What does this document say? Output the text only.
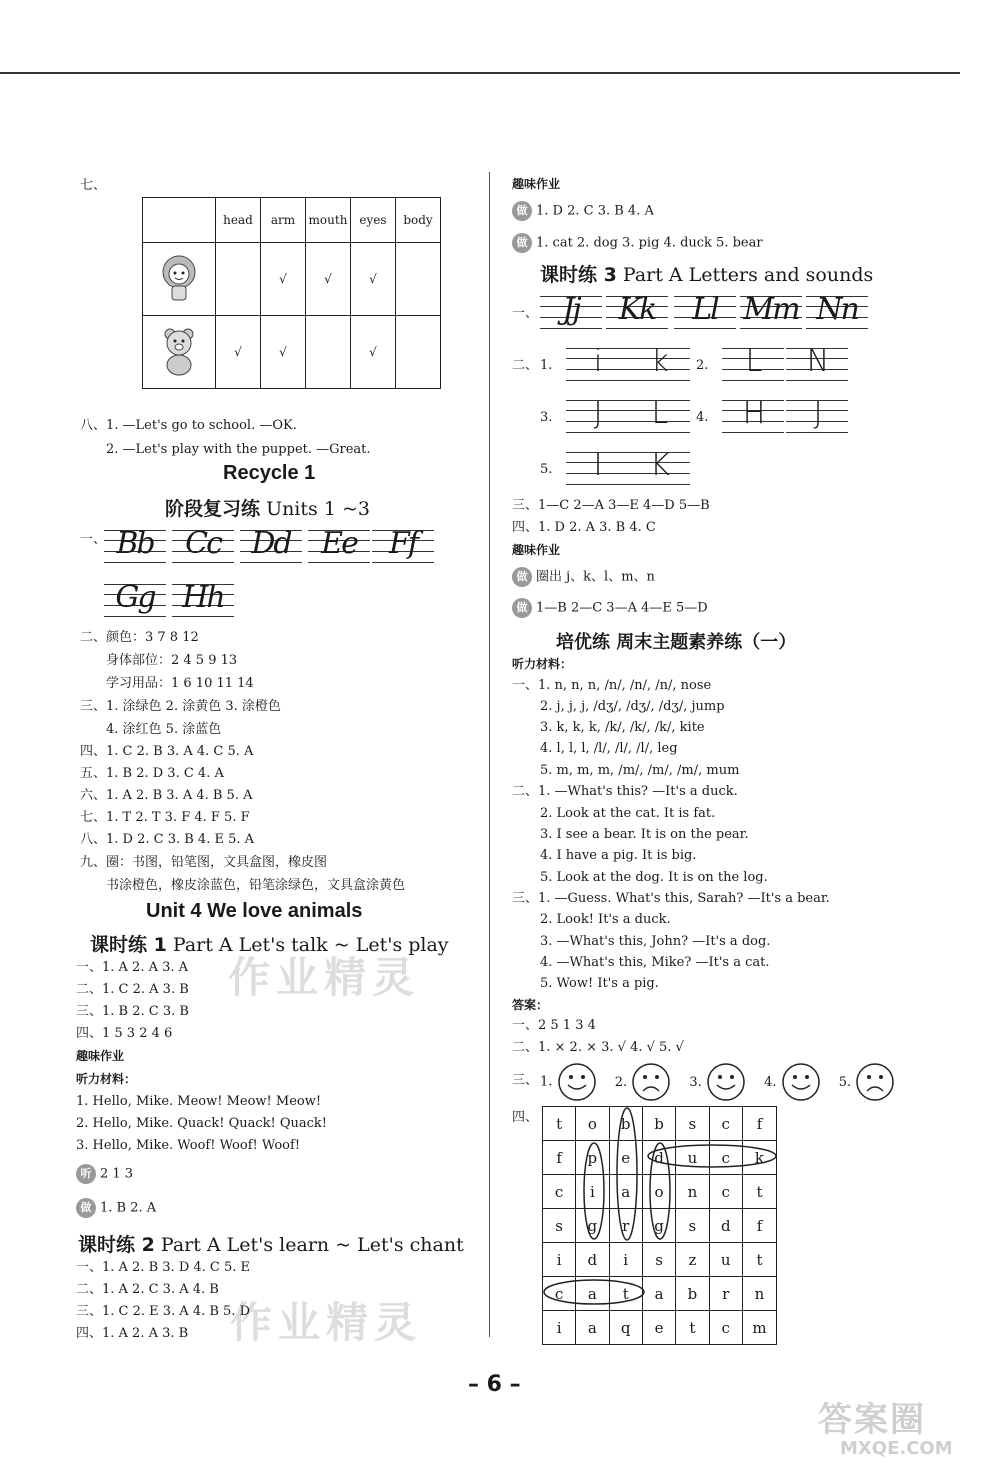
作业精灵
作业精灵
七、
	head	arm	mouth	eyes	body
		√	√	√	
	√	√		√	
八、 1. —Let's go to school. —OK.
2. —Let's play with the puppet. —Great.
Recycle 1
阶段复习练 Units 1 ~3
一、 Bb	Cc	Dd	Ee	Ff
Gg Hh
二、颜色：3 7 8 12
身体部位：2 4 5 9 13
学习用品：1 6 10 11 14
三、1. 涂绿色 2. 涂黄色 3. 涂橙色
4. 涂红色 5. 涂蓝色
四、1. C 2. B 3. A 4. C 5. A
五、1. B 2. D 3. C 4. A
六、1. A 2. B 3. A 4. B 5. A
七、1. T 2. T 3. F 4. F 5. F
八、1. D 2. C 3. B 4. E 5. A
九、圈：书图，铅笔图，文具盒图，橡皮图
书涂橙色，橡皮涂蓝色，铅笔涂绿色，文具盒涂黄色
Unit 4 We love animals
课时练 1 Part A Let's talk ~ Let's play
一、1. A 2. A 3. A
二、1. C 2. A 3. B
三、1. B 2. C 3. B
四、1 5 3 2 4 6
趣味作业
听力材料：
1. Hello, Mike. Meow! Meow! Meow!
2. Hello, Mike. Quack! Quack! Quack!
3. Hello, Mike. Woof! Woof! Woof!
听 2 1 3
做 1. B 2. A
课时练 2 Part A Let's learn ~ Let's chant
一、1. A 2. B 3. D 4. C 5. E
二、1. A 2. C 3. A 4. B
三、1. C 2. E 3. A 4. B 5. D
四、1. A 2. A 3. B
趣味作业
做 1. D 2. C 3. B 4. A
做 1. cat 2. dog 3. pig 4. duck 5. bear
课时练 3 Part A Letters and sounds
一、 Jj	Kk	Ll Mm Nn
二、 1.	i	k	2.	L	N
3.	J	L	4.	H	J
5.	I	K
三、1—C 2—A 3—E 4—D 5—B
四、1. D 2. A 3. B 4. C
趣味作业
做 圈出 j、k、l、m、n
做 1—B 2—C 3—A 4—E 5—D
培优练 周末主题素养练（一）
听力材料：
一、1. n, n, n, /n/, /n/, /n/, nose
2. j, j, j, /dʒ/, /dʒ/, /dʒ/, jump
3. k, k, k, /k/, /k/, /k/, kite
4. l, l, l, /l/, /l/, /l/, leg
5. m, m, m, /m/, /m/, /m/, mum
二、1. —What's this? —It's a duck.
2. Look at the cat. It is fat.
3. I see a bear. It is on the pear.
4. I have a pig. It is big.
5. Look at the dog. It is on the log.
三、1. —Guess. What's this, Sarah? —It's a bear.
2. Look! It's a duck.
3. —What's this, John? —It's a dog.
4. —What's this, Mike? —It's a cat.
5. Wow! It's a pig.
答案：
一、2 5 1 3 4
二、1. × 2. × 3. √ 4. √ 5. √
三、 1.	2.	3.	4.	5.
四、 t	o	b	b	s	c	f
f	p	e	d	u	c	k
c	i	a	o	n	c	t
s	g	r	g	s	d	f
i	d	i	s	z	u	t
c	a	t	a	b	r	n
i	a	q	e	t	c	m
– 6 –
答案圈
MXQE.COM
